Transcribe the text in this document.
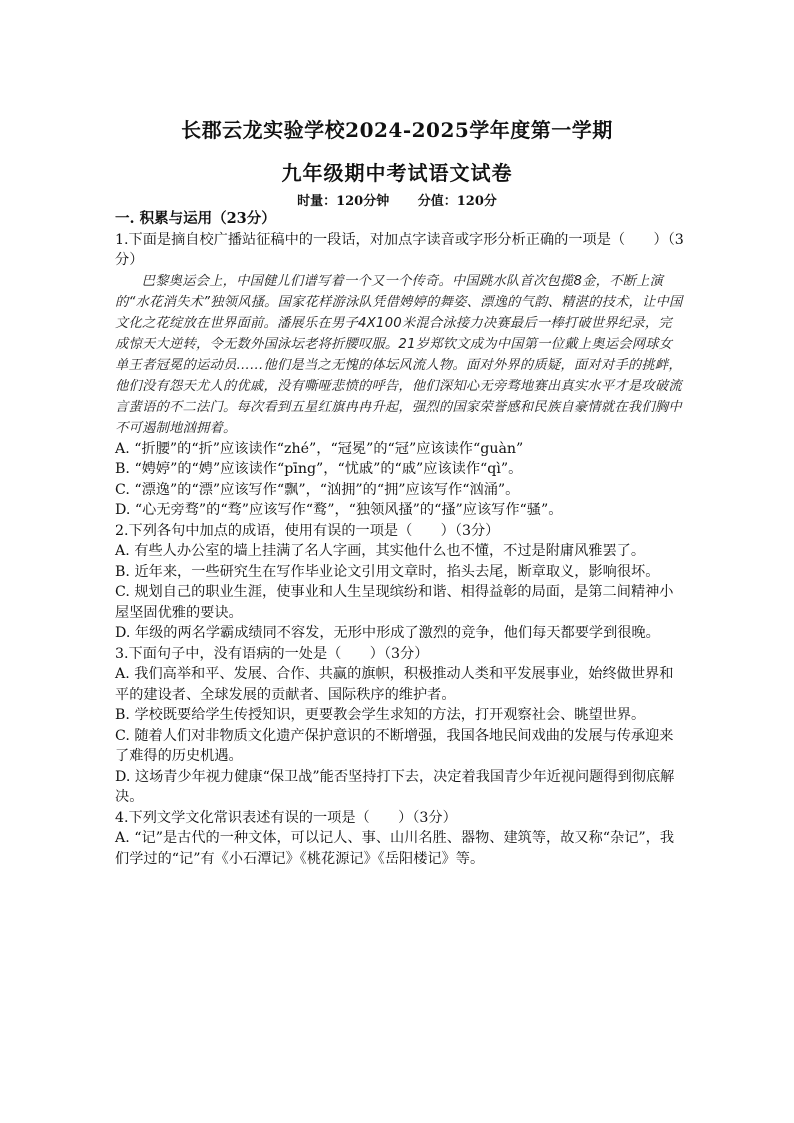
长郡云龙实验学校2024-2025学年度第一学期
九年级期中考试语文试卷
时量：120分钟 分值：120分

一. 积累与运用（23分）

1.下面是摘自校广播站征稿中的一段话，对加点字读音或字形分析正确的一项是（　　）（3分）

巴黎奥运会上，中国健儿们谱写着一个又一个传奇。中国跳水队首次包揽8金，不断上演的“水花消失术”独领风搔。国家花样游泳队凭借娉婷的舞姿、漂逸的气韵、精湛的技术，让中国文化之花绽放在世界面前。潘展乐在男子4X100米混合泳接力决赛最后一棒打破世界纪录，完成惊天大逆转，令无数外国泳坛老将折腰叹服。21岁郑钦文成为中国第一位戴上奥运会网球女单王者冠冕的运动员……他们是当之无愧的体坛风流人物。面对外界的质疑，面对对手的挑衅，他们没有怨天尤人的优戚，没有嘶哑悲愤的呼告，他们深知心无旁骛地赛出真实水平才是攻破流言蜚语的不二法门。每次看到五星红旗冉冉升起，强烈的国家荣誉感和民族自豪情就在我们胸中不可遏制地汹拥着。

A. “折腰”的“折”应该读作“zhé”，“冠冕”的“冠”应该读作“guàn”

B. “娉婷”的“娉”应该读作“pīng”，“忧戚”的“戚”应该读作“qì”。

C. “漂逸”的“漂”应该写作“飘”，“汹拥”的“拥”应该写作“汹涌”。

D. “心无旁骛”的“骛”应该写作“鹜”，“独领风搔”的“搔”应该写作“骚”。

2.下列各句中加点的成语，使用有误的一项是（　　）（3分）

A. 有些人办公室的墙上挂满了名人字画，其实他什么也不懂，不过是附庸风雅罢了。

B. 近年来，一些研究生在写作毕业论文引用文章时，掐头去尾，断章取义，影响很坏。

C. 规划自己的职业生涯，使事业和人生呈现缤纷和谐、相得益彰的局面，是第二间精神小屋坚固优雅的要诀。

D. 年级的两名学霸成绩同不容发，无形中形成了激烈的竞争，他们每天都要学到很晚。

3.下面句子中，没有语病的一处是（　　）（3分）

A. 我们高举和平、发展、合作、共赢的旗帜，积极推动人类和平发展事业，始终做世界和平的建设者、全球发展的贡献者、国际秩序的维护者。

B. 学校既要给学生传授知识，更要教会学生求知的方法，打开观察社会、眺望世界。

C. 随着人们对非物质文化遗产保护意识的不断增强，我国各地民间戏曲的发展与传承迎来了难得的历史机遇。

D. 这场青少年视力健康“保卫战”能否坚持打下去，决定着我国青少年近视问题得到彻底解决。

4.下列文学文化常识表述有误的一项是（　　）（3分）

A. “记”是古代的一种文体，可以记人、事、山川名胜、器物、建筑等，故又称“杂记”，我们学过的“记”有《小石潭记》《桃花源记》《岳阳楼记》等。
